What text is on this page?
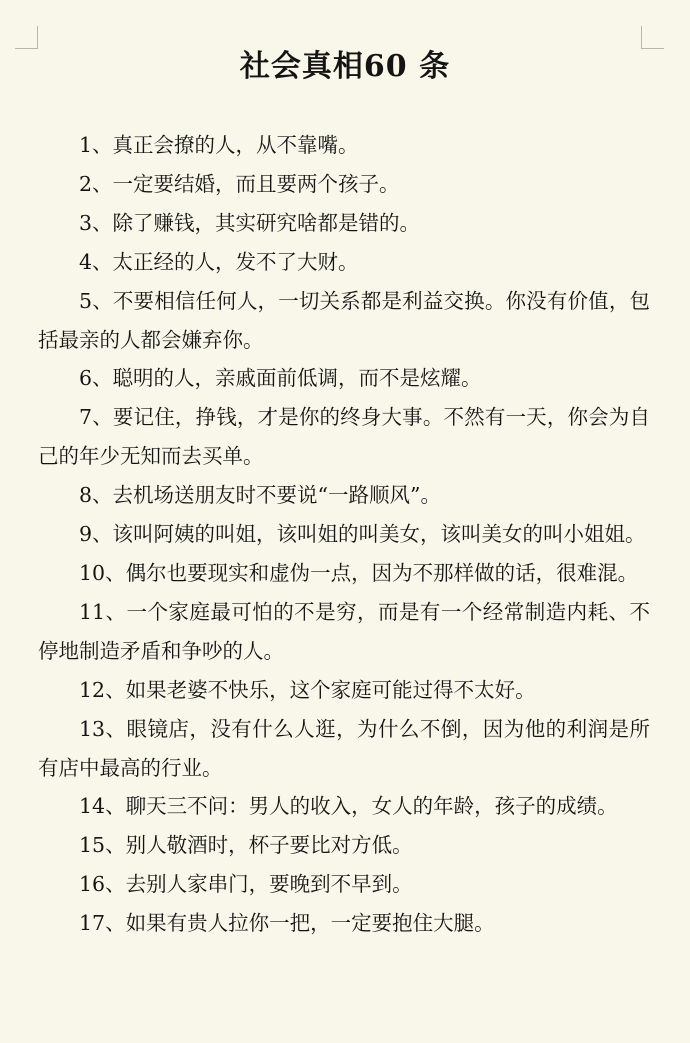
社会真相60 条
1、真正会撩的人，从不靠嘴。
2、一定要结婚，而且要两个孩子。
3、除了赚钱，其实研究啥都是错的。
4、太正经的人，发不了大财。
5、不要相信任何人，一切关系都是利益交换。你没有价值，包括最亲的人都会嫌弃你。
6、聪明的人，亲戚面前低调，而不是炫耀。
7、要记住，挣钱，才是你的终身大事。不然有一天，你会为自己的年少无知而去买单。
8、去机场送朋友时不要说“一路顺风”。
9、该叫阿姨的叫姐，该叫姐的叫美女，该叫美女的叫小姐姐。
10、偶尔也要现实和虚伪一点，因为不那样做的话，很难混。
11、一个家庭最可怕的不是穷，而是有一个经常制造内耗、不停地制造矛盾和争吵的人。
12、如果老婆不快乐，这个家庭可能过得不太好。
13、眼镜店，没有什么人逛，为什么不倒，因为他的利润是所有店中最高的行业。
14、聊天三不问：男人的收入，女人的年龄，孩子的成绩。
15、别人敬酒时，杯子要比对方低。
16、去别人家串门，要晚到不早到。
17、如果有贵人拉你一把，一定要抱住大腿。
